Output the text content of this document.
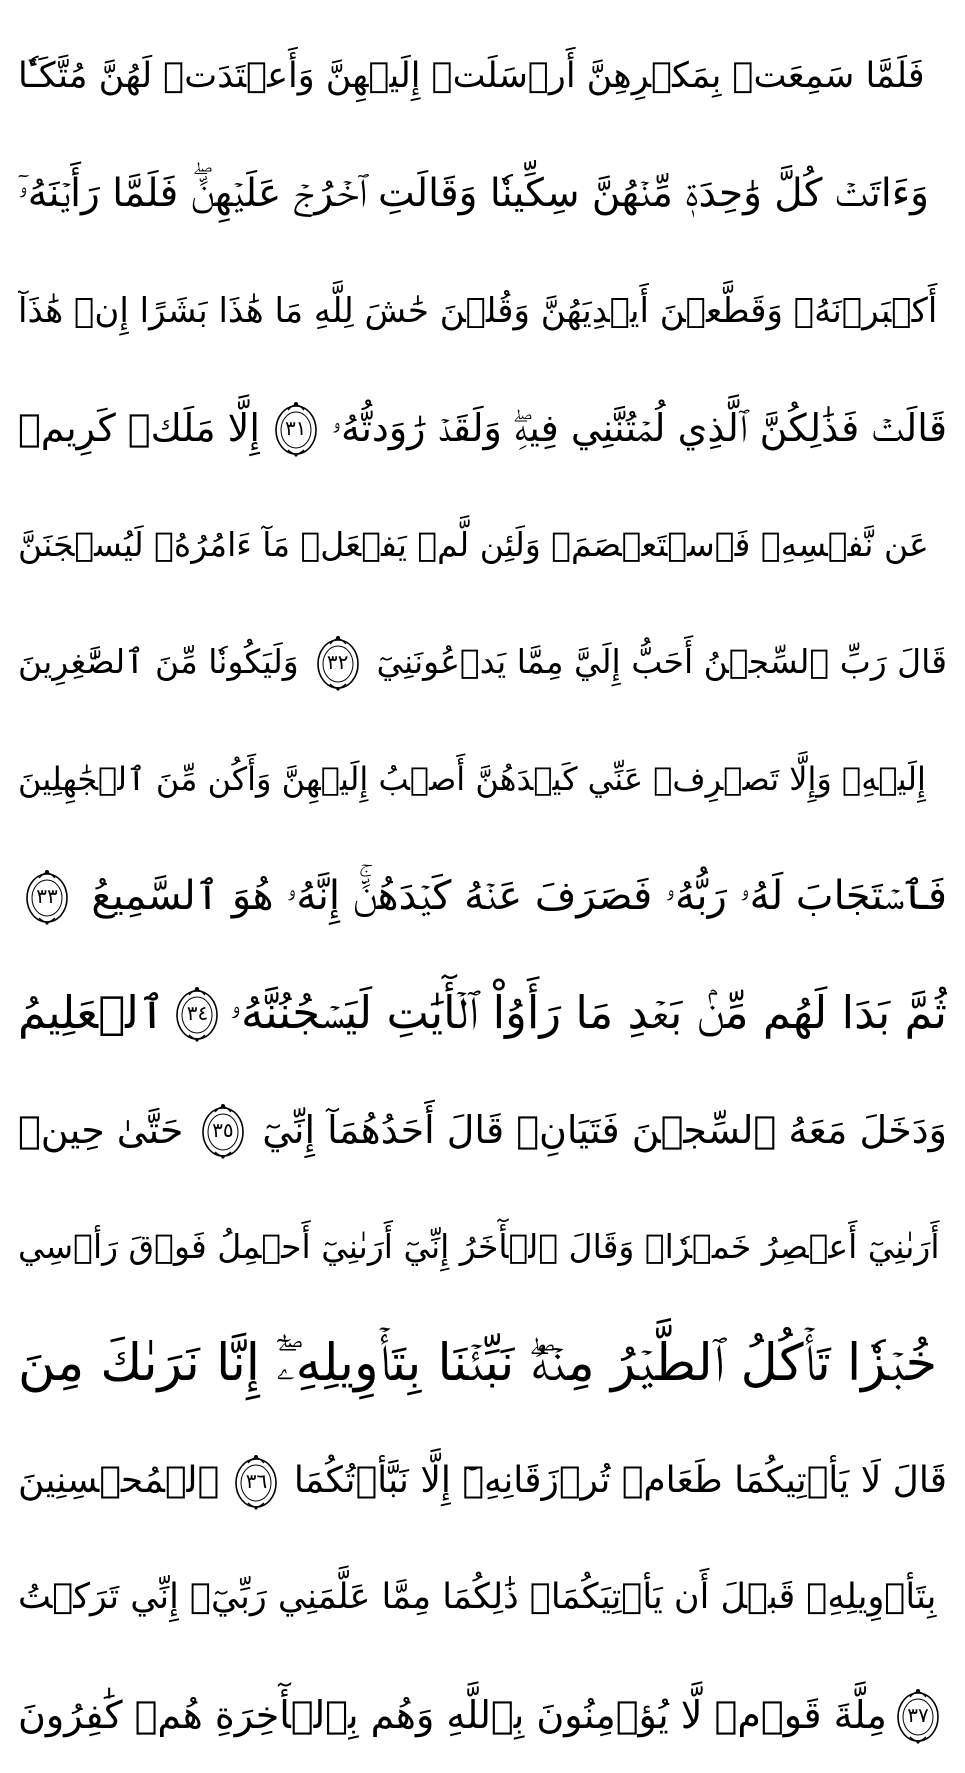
فَلَمَّا سَمِعَتۡ بِمَكۡرِهِنَّ أَرۡسَلَتۡ إِلَيۡهِنَّ وَأَعۡتَدَتۡ لَهُنَّ مُتَّكَـٔٗا
وَءَاتَتۡ كُلَّ وَٰحِدَةٖ مِّنۡهُنَّ سِكِّينٗا وَقَالَتِ ٱخۡرُجۡ عَلَيۡهِنَّۖ فَلَمَّا رَأَيۡنَهُۥٓ
أَكۡبَرۡنَهُۥ وَقَطَّعۡنَ أَيۡدِيَهُنَّ وَقُلۡنَ حَٰشَ لِلَّهِ مَا هَٰذَا بَشَرًا إِنۡ هَٰذَآ
إِلَّا مَلَكٞ كَرِيمٞ ٣١ قَالَتۡ فَذَٰلِكُنَّ ٱلَّذِي لُمۡتُنَّنِي فِيهِۖ وَلَقَدۡ رَٰوَدتُّهُۥ
عَن نَّفۡسِهِۦ فَٱسۡتَعۡصَمَۖ وَلَئِن لَّمۡ يَفۡعَلۡ مَآ ءَامُرُهُۥ لَيُسۡجَنَنَّ
وَلَيَكُونٗا مِّنَ ٱلصَّٰغِرِينَ ٣٢ قَالَ رَبِّ ٱلسِّجۡنُ أَحَبُّ إِلَيَّ مِمَّا يَدۡعُونَنِيٓ
إِلَيۡهِۖ وَإِلَّا تَصۡرِفۡ عَنِّي كَيۡدَهُنَّ أَصۡبُ إِلَيۡهِنَّ وَأَكُن مِّنَ ٱلۡجَٰهِلِينَ
٣٣ فَٱسۡتَجَابَ لَهُۥ رَبُّهُۥ فَصَرَفَ عَنۡهُ كَيۡدَهُنَّۚ إِنَّهُۥ هُوَ ٱلسَّمِيعُ
ٱلۡعَلِيمُ ٣٤ ثُمَّ بَدَا لَهُم مِّنۢ بَعۡدِ مَا رَأَوُاْ ٱلۡأٓيَٰتِ لَيَسۡجُنُنَّهُۥ
حَتَّىٰ حِينٖ ٣٥ وَدَخَلَ مَعَهُ ٱلسِّجۡنَ فَتَيَانِۖ قَالَ أَحَدُهُمَآ إِنِّيٓ
أَرَىٰنِيٓ أَعۡصِرُ خَمۡرٗاۖ وَقَالَ ٱلۡأٓخَرُ إِنِّيٓ أَرَىٰنِيٓ أَحۡمِلُ فَوۡقَ رَأۡسِي
خُبۡزٗا تَأۡكُلُ ٱلطَّيۡرُ مِنۡهُۖ نَبِّئۡنَا بِتَأۡوِيلِهِۦٓۖ إِنَّا نَرَىٰكَ مِنَ
ٱلۡمُحۡسِنِينَ ٣٦ قَالَ لَا يَأۡتِيكُمَا طَعَامٞ تُرۡزَقَانِهِۦٓ إِلَّا نَبَّأۡتُكُمَا
بِتَأۡوِيلِهِۦ قَبۡلَ أَن يَأۡتِيَكُمَاۚ ذَٰلِكُمَا مِمَّا عَلَّمَنِي رَبِّيٓۚ إِنِّي تَرَكۡتُ
مِلَّةَ قَوۡمٖ لَّا يُؤۡمِنُونَ بِٱللَّهِ وَهُم بِٱلۡأٓخِرَةِ هُمۡ كَٰفِرُونَ ٣٧
